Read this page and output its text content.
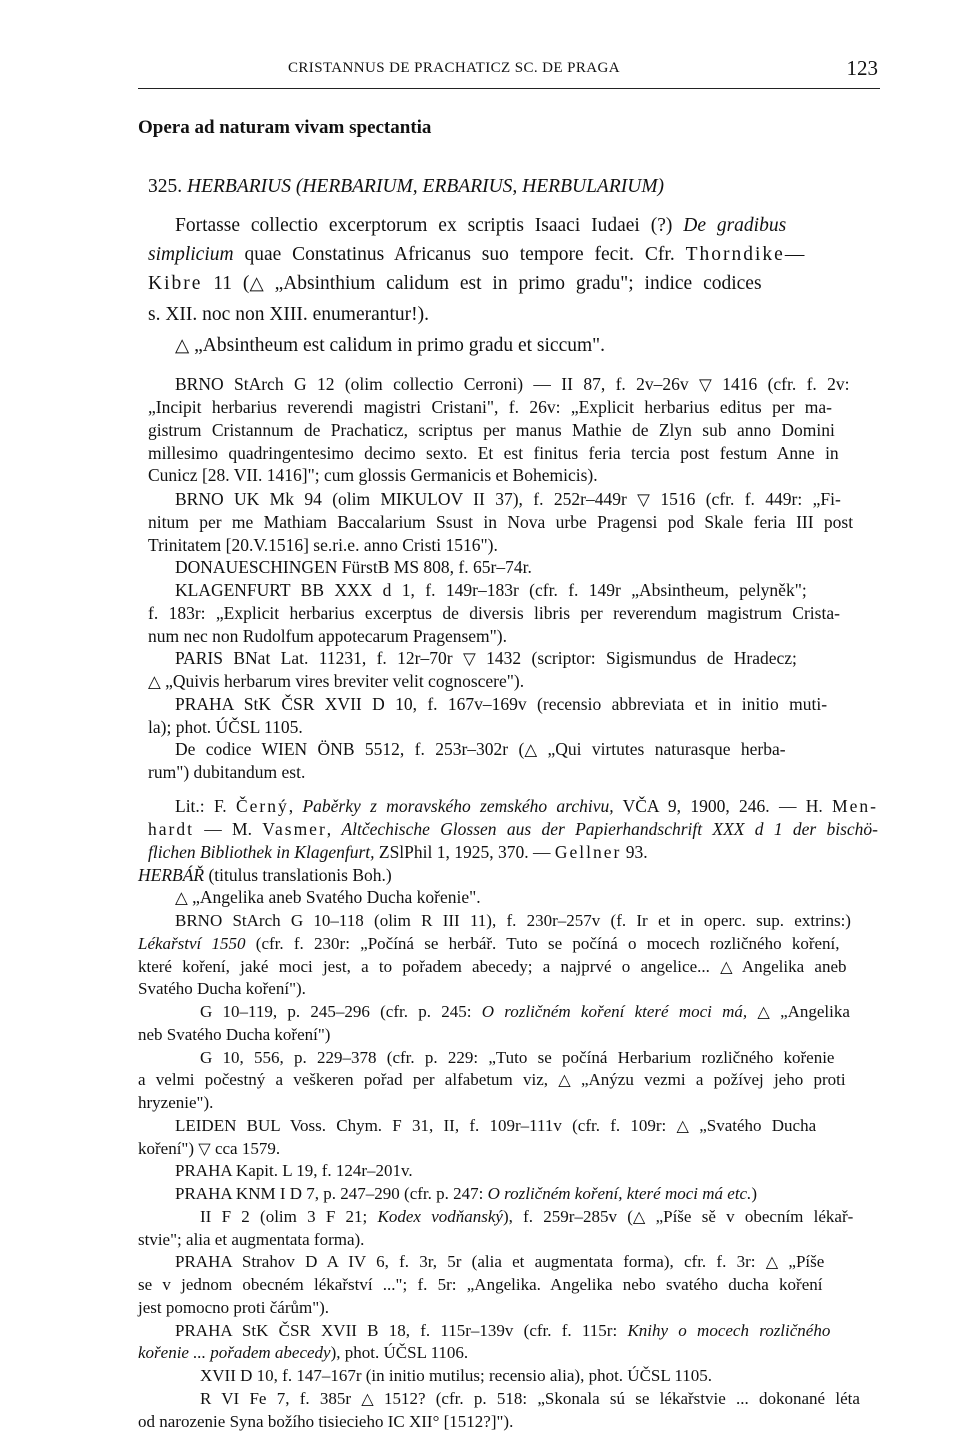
CRISTANNUS DE PRACHATICZ SC. DE PRAGA	123
Opera ad naturam vivam spectantia
325. HERBARIUS (HERBARIUM, ERBARIUS, HERBULARIUM)
Fortasse collectio excerptorum ex scriptis Isaaci Iudaei (?) De gradibus
simplicium quae Constatinus Africanus suo tempore fecit. Cfr. Thorndike—
Kibre 11 (△ „Absinthium calidum est in primo gradu"; indice codices
s. XII. noc non XIII. enumerantur!).
△ „Absintheum est calidum in primo gradu et siccum".
BRNO StArch G 12 (olim collectio Cerroni) — II 87, f. 2v–26v ▽ 1416 (cfr. f. 2v:
„Incipit herbarius reverendi magistri Cristani", f. 26v: „Explicit herbarius editus per ma-
gistrum Cristannum de Prachaticz, scriptus per manus Mathie de Zlyn sub anno Domini
millesimo quadringentesimo decimo sexto. Et est finitus feria tercia post festum Anne in
Cunicz [28. VII. 1416]"; cum glossis Germanicis et Bohemicis).
BRNO UK Mk 94 (olim MIKULOV II 37), f. 252r–449r ▽ 1516 (cfr. f. 449r: „Fi-
nitum per me Mathiam Baccalarium Ssust in Nova urbe Pragensi pod Skale feria III post
Trinitatem [20.V.1516] se.ri.e. anno Cristi 1516").
DONAUESCHINGEN FürstB MS 808, f. 65r–74r.
KLAGENFURT BB XXX d 1, f. 149r–183r (cfr. f. 149r „Absintheum, pelyněk";
f. 183r: „Explicit herbarius excerptus de diversis libris per reverendum magistrum Crista-
num nec non Rudolfum appotecarum Pragensem").
PARIS BNat Lat. 11231, f. 12r–70r ▽ 1432 (scriptor: Sigismundus de Hradecz;
△ „Quivis herbarum vires breviter velit cognoscere").
PRAHA StK ČSR XVII D 10, f. 167v–169v (recensio abbreviata et in initio muti-
la); phot. ÚČSL 1105.
De codice WIEN ÖNB 5512, f. 253r–302r (△ „Qui virtutes naturasque herba-
rum") dubitandum est.
Lit.: F. Černý, Paběrky z moravského zemského archivu, VČA 9, 1900, 246. — H. Men-
hardt — M. Vasmer, Altčechische Glossen aus der Papierhandschrift XXX d 1 der bischö-
flichen Bibliothek in Klagenfurt, ZSlPhil 1, 1925, 370. — Gellner 93.
HERBÁŘ (titulus translationis Boh.)
△ „Angelika aneb Svatého Ducha kořenie".
BRNO StArch G 10–118 (olim R III 11), f. 230r–257v (f. Ir et in operc. sup. extrins:)
Lékařství 1550 (cfr. f. 230r: „Počíná se herbář. Tuto se počíná o mocech rozličného koření,
které koření, jaké moci jest, a to pořadem abecedy; a najprvé o angelice... △ Angelika aneb
Svatého Ducha koření").
G 10–119, p. 245–296 (cfr. p. 245: O rozličném koření které moci má, △ „Angelika
neb Svatého Ducha koření")
G 10, 556, p. 229–378 (cfr. p. 229: „Tuto se počíná Herbarium rozličného kořenie
a velmi počestný a veškeren pořad per alfabetum viz, △ „Anýzu vezmi a požívej jeho proti
hryzenie").
LEIDEN BUL Voss. Chym. F 31, II, f. 109r–111v (cfr. f. 109r: △ „Svatého Ducha
koření") ▽ cca 1579.
PRAHA Kapit. L 19, f. 124r–201v.
PRAHA KNM I D 7, p. 247–290 (cfr. p. 247: O rozličném koření, které moci má etc.)
II F 2 (olim 3 F 21; Kodex vodňanský), f. 259r–285v (△ „Píše sě v obecním lékař-
stvie"; alia et augmentata forma).
PRAHA Strahov D A IV 6, f. 3r, 5r (alia et augmentata forma), cfr. f. 3r: △ „Píše
se v jednom obecném lékařství ..."; f. 5r: „Angelika. Angelika nebo svatého ducha koření
jest pomocno proti čárům").
PRAHA StK ČSR XVII B 18, f. 115r–139v (cfr. f. 115r: Knihy o mocech rozličného
kořenie ... pořadem abecedy), phot. ÚČSL 1106.
XVII D 10, f. 147–167r (in initio mutilus; recensio alia), phot. ÚČSL 1105.
R VI Fe 7, f. 385r △ 1512? (cfr. p. 518: „Skonala sú se lékařstvie ... dokonané léta
od narozenie Syna božího tisiecieho IC XII° [1512?]").
